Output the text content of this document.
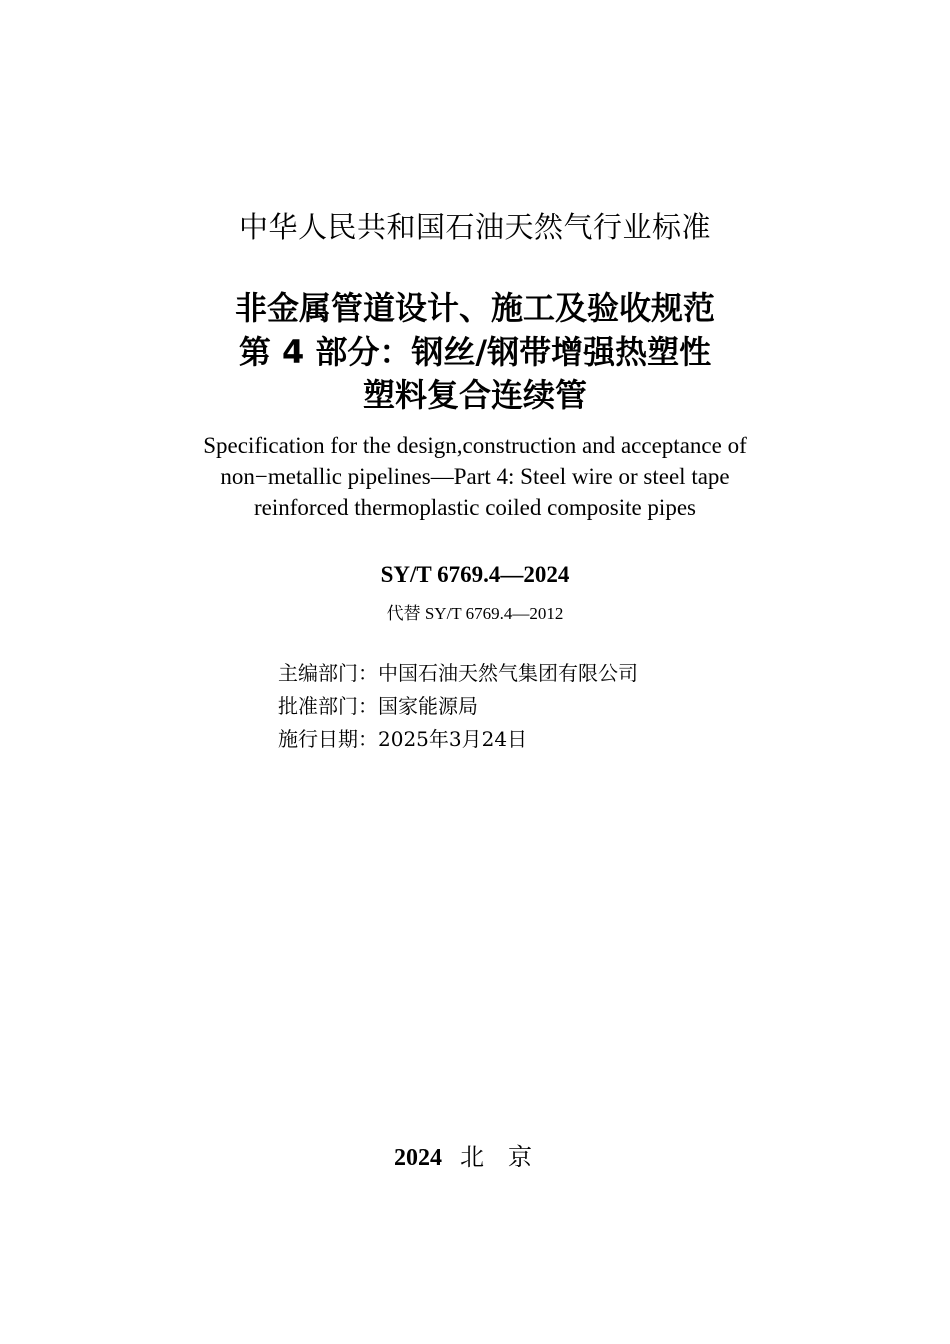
中华人民共和国石油天然气行业标准
非金属管道设计、施工及验收规范
第 4 部分：钢丝/钢带增强热塑性
塑料复合连续管
Specification for the design,construction and acceptance of
non−metallic pipelines—Part 4: Steel wire or steel tape
reinforced thermoplastic coiled composite pipes
SY/T 6769.4—2024
代替 SY/T 6769.4—2012
主编部门：中国石油天然气集团有限公司
批准部门：国家能源局
施行日期：2025年3月24日
2024 北京
